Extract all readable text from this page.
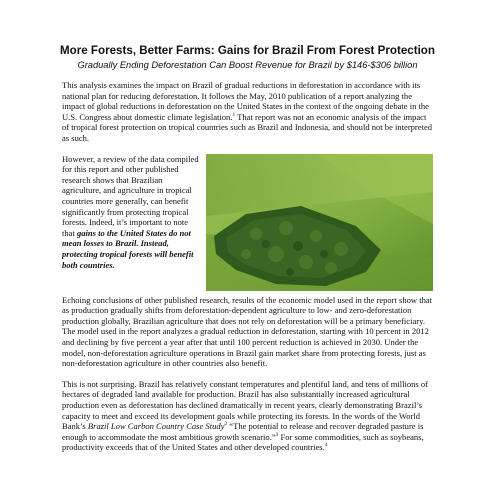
More Forests, Better Farms: Gains for Brazil From Forest Protection
Gradually Ending Deforestation Can Boost Revenue for Brazil by $146-$306 billion

This analysis examines the impact on Brazil of gradual reductions in deforestation in accordance with its national plan for reducing deforestation. It follows the May, 2010 publication of a report analyzing the impact of global reductions in deforestation on the United States in the context of the ongoing debate in the U.S. Congress about domestic climate legislation.$^1$ That report was not an economic analysis of the impact of tropical forest protection on tropical countries such as Brazil and Indonesia, and should not be interpreted as such.

However, a review of the data compiled for this report and other published research shows that Brazilian agriculture, and agriculture in tropical countries more generally, can benefit significantly from protecting tropical forests. Indeed, it’s important to note that gains to the United States do not mean losses to Brazil. Instead, protecting tropical forests will benefit both countries.

Echoing conclusions of other published research, results of the economic model used in the report show that as production gradually shifts from deforestation-dependent agriculture to low- and zero-deforestation production globally, Brazilian agriculture that does not rely on deforestation will be a primary beneficiary. The model used in the report analyzes a gradual reduction in deforestation, starting with 10 percent in 2012 and declining by five percent a year after that until 100 percent reduction is achieved in 2030. Under the model, non-deforestation agriculture operations in Brazil gain market share from protecting forests, just as non-deforestation agriculture in other countries also benefit.

This is not surprising. Brazil has relatively constant temperatures and plentiful land, and tens of millions of hectares of degraded land available for production. Brazil has also substantially increased agricultural production even as deforestation has declined dramatically in recent years, clearly demonstrating Brazil’s capacity to meet and exceed its development goals while protecting its forests. In the words of the World Bank’s Brazil Low Carbon Country Case Study$^2$ “The potential to release and recover degraded pasture is enough to accommodate the most ambitious growth scenario.”$^3$ For some commodities, such as soybeans, productivity exceeds that of the United States and other developed countries.$^4$
